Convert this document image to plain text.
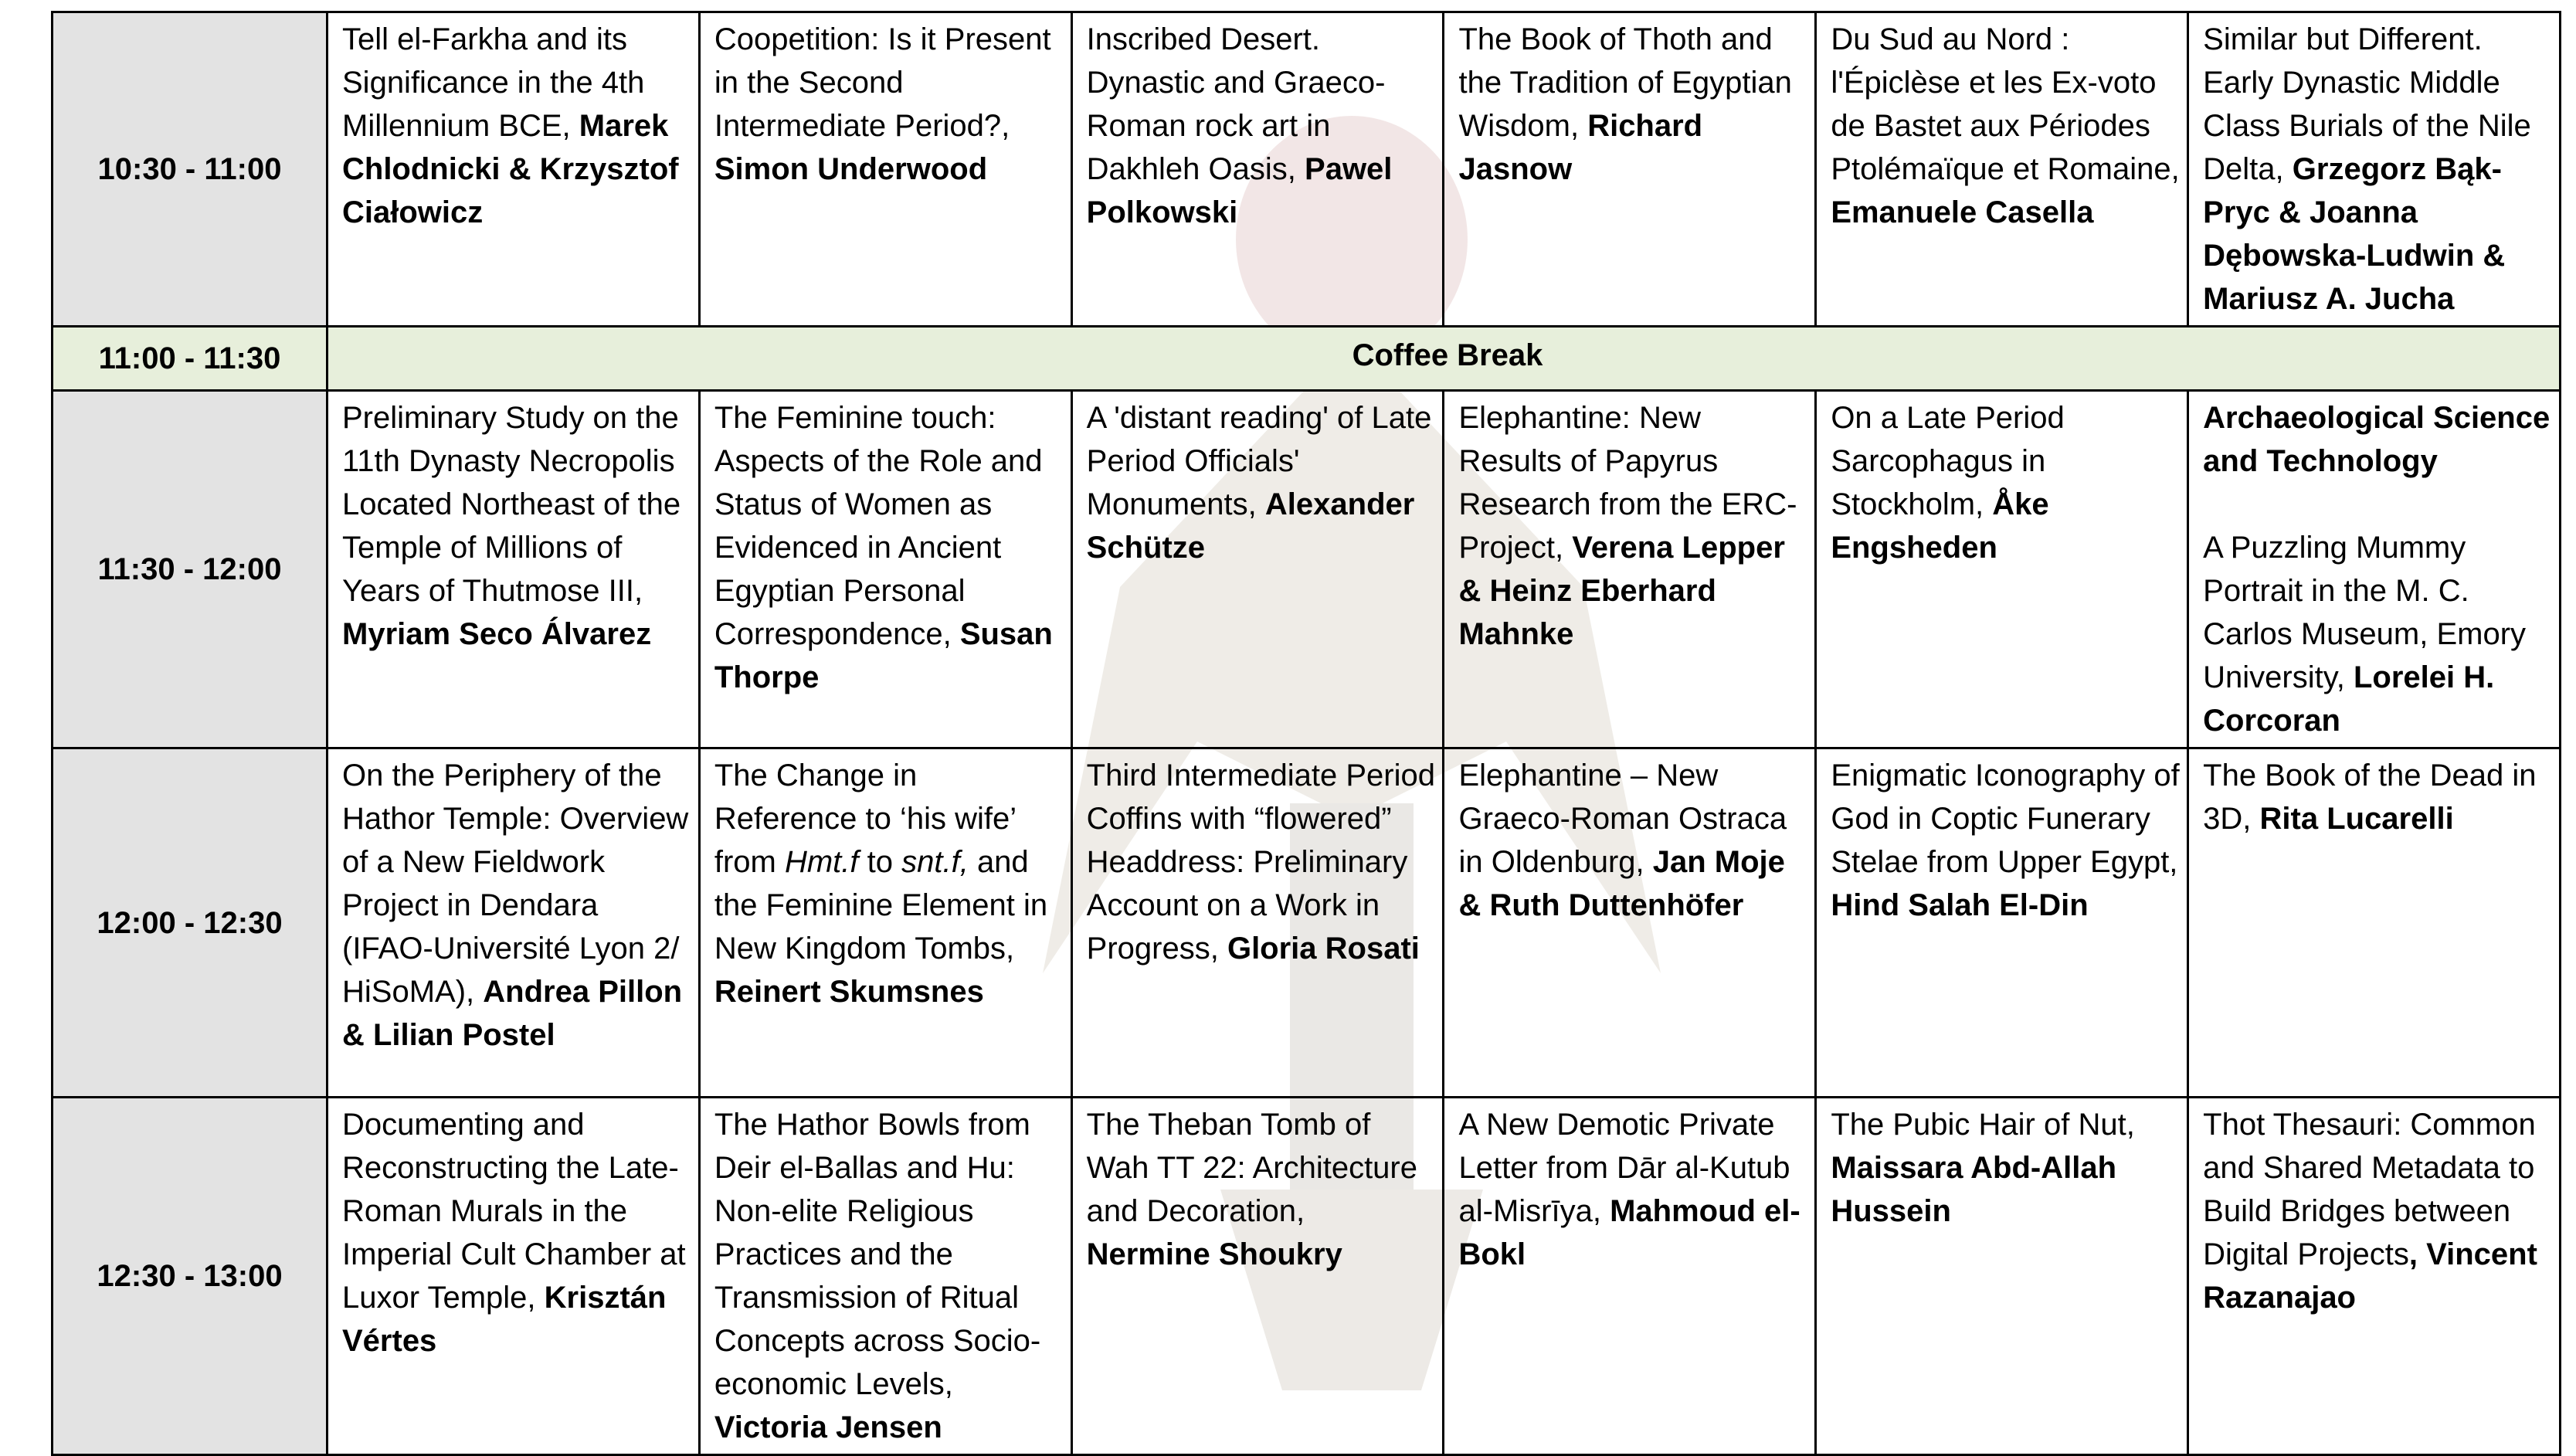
10:30 - 11:00	Tell el-Farkha and its Significance in the 4th Millennium BCE, Marek Chlodnicki & Krzysztof Ciałowicz	Coopetition: Is it Present in the Second Intermediate Period?, Simon Underwood	Inscribed Desert. Dynastic and Graeco-Roman rock art in Dakhleh Oasis, Pawel Polkowski	The Book of Thoth and the Tradition of Egyptian Wisdom, Richard Jasnow	Du Sud au Nord : l'Épiclèse et les Ex-voto de Bastet aux Périodes Ptolémaïque et Romaine, Emanuele Casella	Similar but Different. Early Dynastic Middle Class Burials of the Nile Delta, Grzegorz Bąk-Pryc & Joanna Dębowska-Ludwin & Mariusz A. Jucha
11:00 - 11:30	Coffee Break					
11:30 - 12:00	Preliminary Study on the 11th Dynasty Necropolis Located Northeast of the Temple of Millions of Years of Thutmose III, Myriam Seco Álvarez	The Feminine touch: Aspects of the Role and Status of Women as Evidenced in Ancient Egyptian Personal Correspondence, Susan Thorpe	A 'distant reading' of Late Period Officials' Monuments, Alexander Schütze	Elephantine: New Results of Papyrus Research from the ERC-Project, Verena Lepper & Heinz Eberhard Mahnke	On a Late Period Sarcophagus in Stockholm, Åke Engsheden	Archaeological Science and Technology
A Puzzling Mummy Portrait in the M. C. Carlos Museum, Emory University, Lorelei H. Corcoran
12:00 - 12:30	On the Periphery of the Hathor Temple: Overview of a New Fieldwork Project in Dendara (IFAO-Université Lyon 2/ HiSoMA), Andrea Pillon & Lilian Postel	The Change in Reference to ‘his wife’ from Hmt.f to snt.f, and the Feminine Element in New Kingdom Tombs, Reinert Skumsnes	Third Intermediate Period Coffins with “flowered” Headdress: Preliminary Account on a Work in Progress, Gloria Rosati	Elephantine – New Graeco-Roman Ostraca in Oldenburg, Jan Moje & Ruth Duttenhöfer	Enigmatic Iconography of God in Coptic Funerary Stelae from Upper Egypt, Hind Salah El-Din	The Book of the Dead in 3D, Rita Lucarelli
12:30 - 13:00	Documenting and Reconstructing the Late-Roman Murals in the Imperial Cult Chamber at Luxor Temple, Krisztán Vértes	The Hathor Bowls from Deir el-Ballas and Hu: Non-elite Religious Practices and the Transmission of Ritual Concepts across Socio-economic Levels, Victoria Jensen	The Theban Tomb of Wah TT 22: Architecture and Decoration, Nermine Shoukry	A New Demotic Private Letter from Dār al-Kutub al-Misrīya, Mahmoud el-Bokl	The Pubic Hair of Nut, Maissara Abd-Allah Hussein	Thot Thesauri: Common and Shared Metadata to Build Bridges between Digital Projects, Vincent Razanajao
